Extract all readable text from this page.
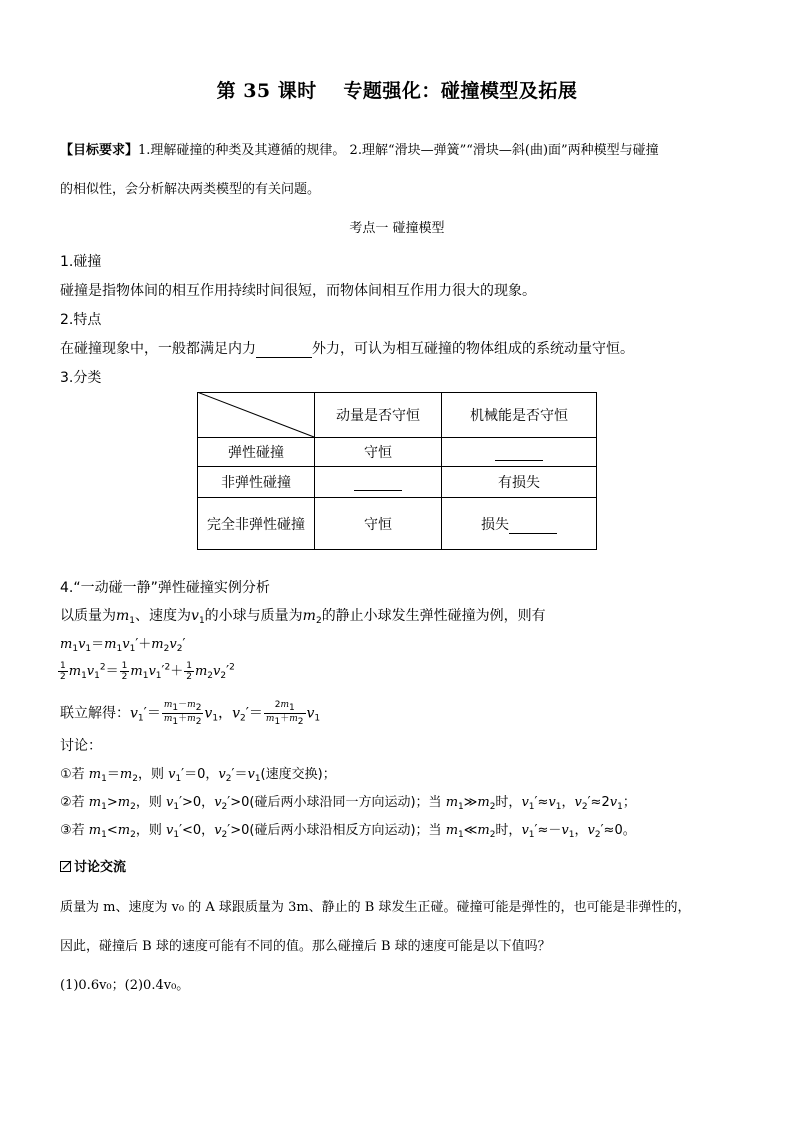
第 35 课时　 专题强化：碰撞模型及拓展
【目标要求】1.理解碰撞的种类及其遵循的规律。 2.理解“滑块—弹簧”“滑块—斜(曲)面”两种模型与碰撞
的相似性，会分析解决两类模型的有关问题。
考点一 碰撞模型
1.碰撞
碰撞是指物体间的相互作用持续时间很短，而物体间相互作用力很大的现象。
2.特点
在碰撞现象中，一般都满足内力	外力，可认为相互碰撞的物体组成的系统动量守恒。
3.分类
	动量是否守恒	机械能是否守恒
弹性碰撞	守恒	
非弹性碰撞		有损失
完全非弹性碰撞	守恒	损失
4.“一动碰一静”弹性碰撞实例分析
以质量为$m_1$、速度为$v_1$的小球与质量为$m_2$的静止小球发生弹性碰撞为例，则有
$m_1v_1=m_1v_1'+m_2v_2'$
$\frac{1}{2} m_1v_1^2= \frac{1}{2} m_1v_1'^2+ \frac{1}{2} m_2v_2'^2$
联立解得：$v_1'= \frac{m_1-m_2}{m_1+m_2} v_1$，$v_2'= \frac{2m_1}{m_1+m_2} v_1$
讨论：
①若 $m_1=m_2$，则 $v_1'=0$，$v_2'=v_1$(速度交换)；
②若 $m_1>m_2$，则 $v_1'>0$，$v_2'>0$(碰后两小球沿同一方向运动)；当 $m_1≫m_2$时，$v_1'\approx v_1$，$v_2'\approx 2v_1$；
③若 $m_1<m_2$，则 $v_1'<0$，$v_2'>0$(碰后两小球沿相反方向运动)；当 $m_1≪m_2$时，$v_1'\approx-v_1$，$v_2'\approx 0$。
讨论交流
质量为 m、速度为 v₀ 的 A 球跟质量为 3m、静止的 B 球发生正碰。碰撞可能是弹性的，也可能是非弹性的，
因此，碰撞后 B 球的速度可能有不同的值。那么碰撞后 B 球的速度可能是以下值吗？
(1)0.6v₀；(2)0.4v₀。
